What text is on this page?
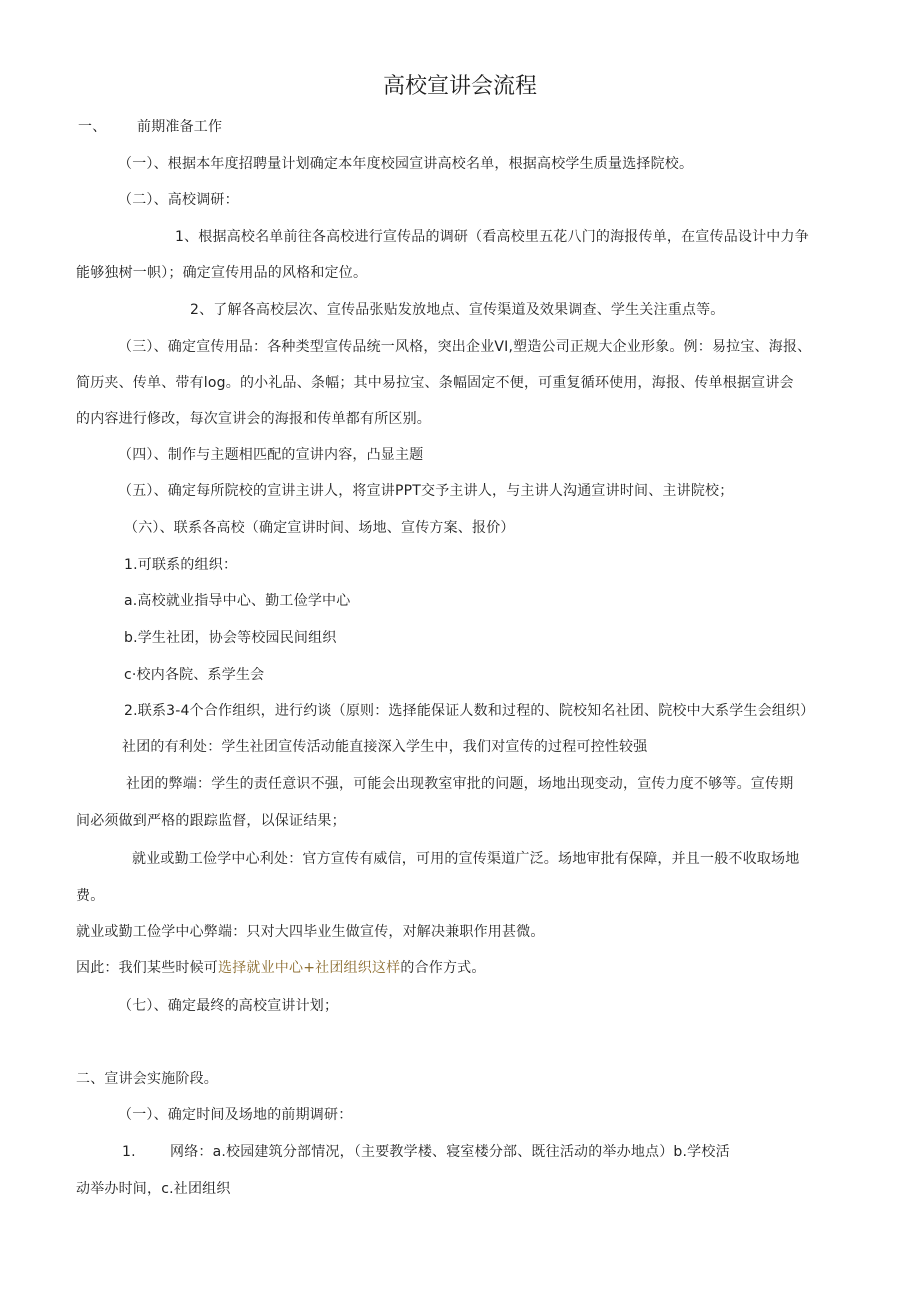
高校宣讲会流程
一、 前期准备工作
（一）、根据本年度招聘量计划确定本年度校园宣讲高校名单，根据高校学生质量选择院校。
（二）、高校调研：
1、根据高校名单前往各高校进行宣传品的调研（看高校里五花八门的海报传单，在宣传品设计中力争
能够独树一帜）；确定宣传用品的风格和定位。
2、了解各高校层次、宣传品张贴发放地点、宣传渠道及效果调查、学生关注重点等。
（三）、确定宣传用品：各种类型宣传品统一风格，突出企业VI,塑造公司正规大企业形象。例：易拉宝、海报、
简历夹、传单、带有log。的小礼品、条幅；其中易拉宝、条幅固定不便，可重复循环使用，海报、传单根据宣讲会
的内容进行修改，每次宣讲会的海报和传单都有所区别。
（四）、制作与主题相匹配的宣讲内容，凸显主题
（五）、确定每所院校的宣讲主讲人，将宣讲PPT交予主讲人，与主讲人沟通宣讲时间、主讲院校；
（六）、联系各高校（确定宣讲时间、场地、宣传方案、报价）
1.可联系的组织：
a.高校就业指导中心、勤工俭学中心
b.学生社团，协会等校园民间组织
c·校内各院、系学生会
2.联系3-4个合作组织，进行约谈（原则：选择能保证人数和过程的、院校知名社团、院校中大系学生会组织）
社团的有利处：学生社团宣传活动能直接深入学生中，我们对宣传的过程可控性较强
社团的弊端：学生的责任意识不强，可能会出现教室审批的问题，场地出现变动，宣传力度不够等。宣传期
间必须做到严格的跟踪监督，以保证结果；
就业或勤工俭学中心利处：官方宣传有威信，可用的宣传渠道广泛。场地审批有保障，并且一般不收取场地
费。
就业或勤工俭学中心弊端：只对大四毕业生做宣传，对解决兼职作用甚微。
因此：我们某些时候可选择就业中心+社团组织这样的合作方式。
（七）、确定最终的高校宣讲计划；
二、宣讲会实施阶段。
（一）、确定时间及场地的前期调研：
1. 网络：a.校园建筑分部情况，（主要教学楼、寝室楼分部、既往活动的举办地点）b.学校活
动举办时间，c.社团组织
